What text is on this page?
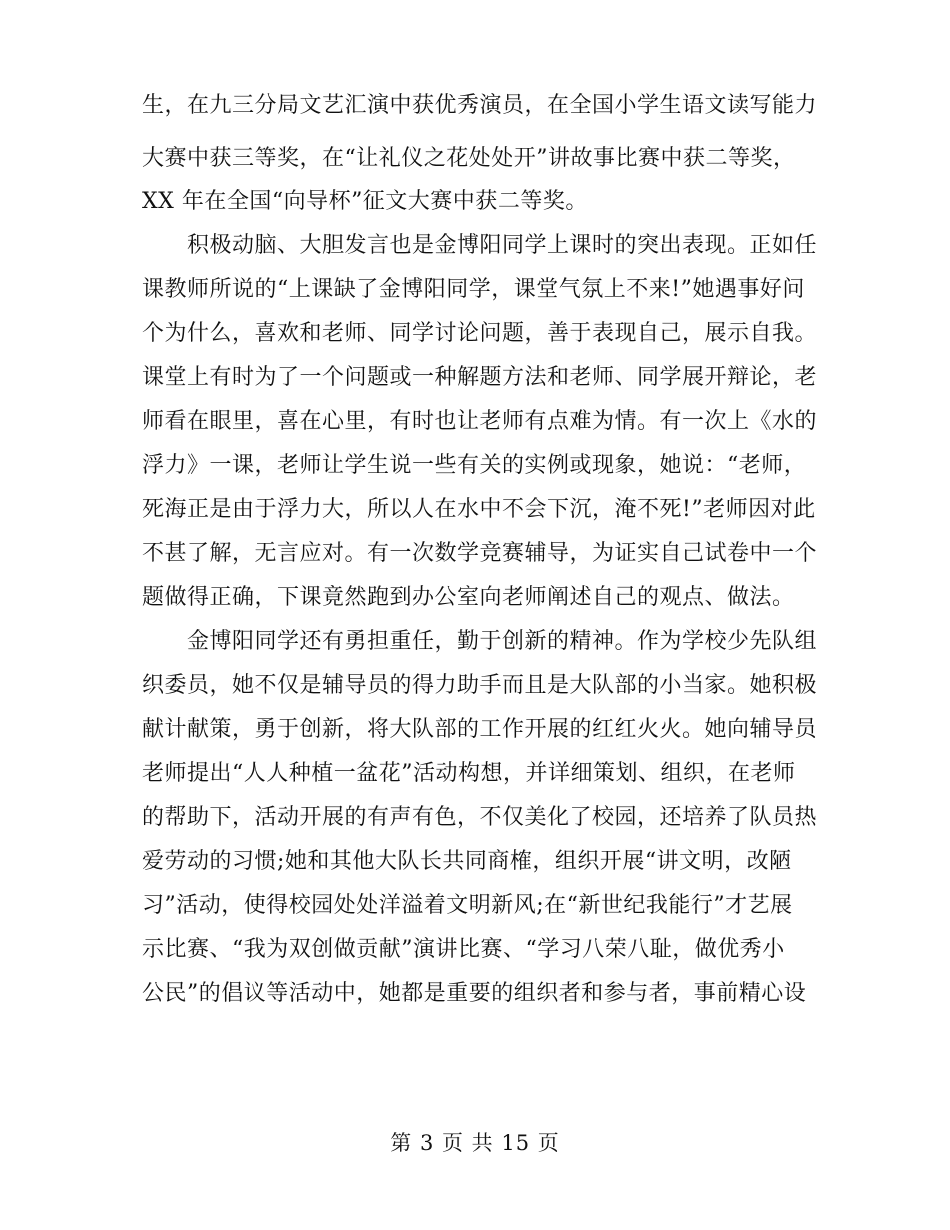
生，在九三分局文艺汇演中获优秀演员，在全国小学生语文读写能力
大赛中获三等奖，在“让礼仪之花处处开”讲故事比赛中获二等奖，
XX 年在全国“向导杯”征文大赛中获二等奖。
积极动脑、大胆发言也是金博阳同学上课时的突出表现。正如任
课教师所说的“上课缺了金博阳同学，课堂气氛上不来!”她遇事好问
个为什么，喜欢和老师、同学讨论问题，善于表现自己，展示自我。
课堂上有时为了一个问题或一种解题方法和老师、同学展开辩论，老
师看在眼里，喜在心里，有时也让老师有点难为情。有一次上《水的
浮力》一课，老师让学生说一些有关的实例或现象，她说：“老师，
死海正是由于浮力大，所以人在水中不会下沉，淹不死!”老师因对此
不甚了解，无言应对。有一次数学竞赛辅导，为证实自己试卷中一个
题做得正确，下课竟然跑到办公室向老师阐述自己的观点、做法。
金博阳同学还有勇担重任，勤于创新的精神。作为学校少先队组
织委员，她不仅是辅导员的得力助手而且是大队部的小当家。她积极
献计献策，勇于创新，将大队部的工作开展的红红火火。她向辅导员
老师提出“人人种植一盆花”活动构想，并详细策划、组织，在老师
的帮助下，活动开展的有声有色，不仅美化了校园，还培养了队员热
爱劳动的习惯;她和其他大队长共同商榷，组织开展“讲文明，改陋
习”活动，使得校园处处洋溢着文明新风;在“新世纪我能行”才艺展
示比赛、“我为双创做贡献”演讲比赛、“学习八荣八耻，做优秀小
公民”的倡议等活动中，她都是重要的组织者和参与者，事前精心设
第 3 页 共 15 页
